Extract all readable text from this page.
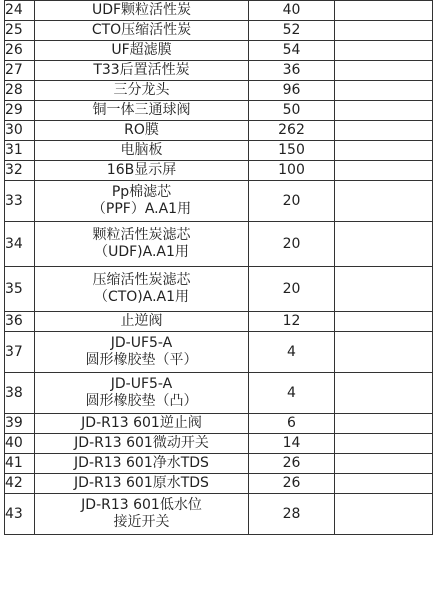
24	UDF颗粒活性炭	40	
25	CTO压缩活性炭	52	
26	UF超滤膜	54	
27	T33后置活性炭	36	
28	三分龙头	96	
29	铜一体三通球阀	50	
30	RO膜	262	
31	电脑板	150	
32	16B显示屏	100	
33	Pp棉滤芯
（PPF）A.A1用	20	
34	颗粒活性炭滤芯
（UDF)A.A1用	20	
35	压缩活性炭滤芯
（CTO)A.A1用	20	
36	止逆阀	12	
37	JD-UF5-A
圆形橡胶垫（平）	4	
38	JD-UF5-A
圆形橡胶垫（凸）	4	
39	JD-R13 601逆止阀	6	
40	JD-R13 601微动开关	14	
41	JD-R13 601净水TDS	26	
42	JD-R13 601原水TDS	26	
43	JD-R13 601低水位
接近开关	28	
